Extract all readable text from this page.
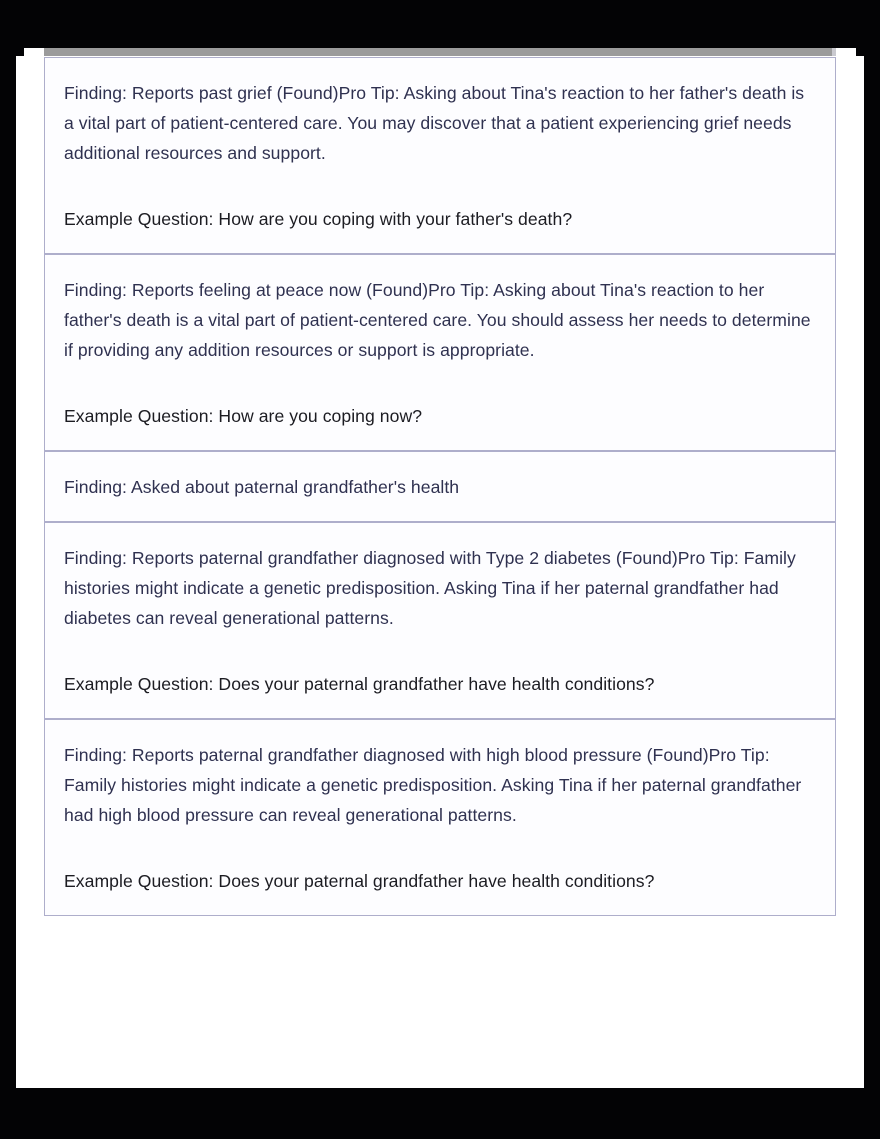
Finding: Reports past grief (Found)Pro Tip: Asking about Tina's reaction to her father's death is a vital part of patient-centered care. You may discover that a patient experiencing grief needs additional resources and support.

Example Question: How are you coping with your father's death?

Finding: Reports feeling at peace now (Found)Pro Tip: Asking about Tina's reaction to her father's death is a vital part of patient-centered care. You should assess her needs to determine if providing any addition resources or support is appropriate.

Example Question: How are you coping now?

Finding: Asked about paternal grandfather's health

Finding: Reports paternal grandfather diagnosed with Type 2 diabetes (Found)Pro Tip: Family histories might indicate a genetic predisposition. Asking Tina if her paternal grandfather had diabetes can reveal generational patterns.

Example Question: Does your paternal grandfather have health conditions?

Finding: Reports paternal grandfather diagnosed with high blood pressure (Found)Pro Tip: Family histories might indicate a genetic predisposition. Asking Tina if her paternal grandfather had high blood pressure can reveal generational patterns.

Example Question: Does your paternal grandfather have health conditions?
